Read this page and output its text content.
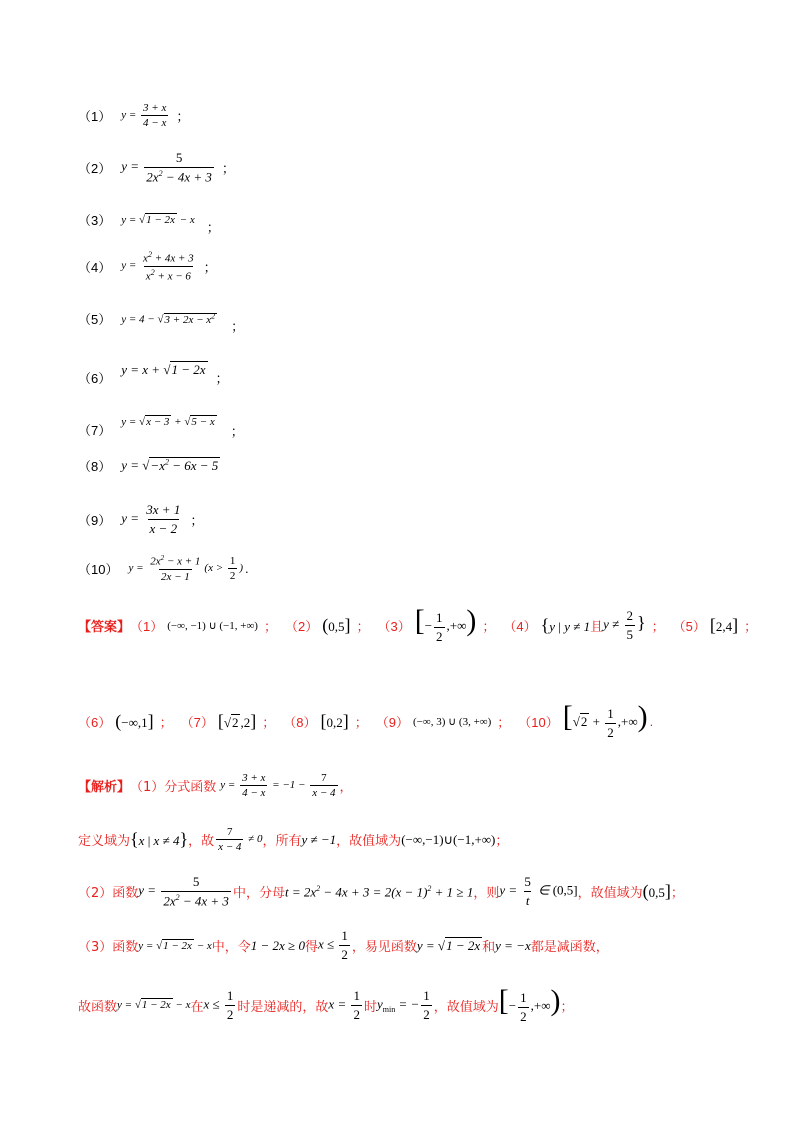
（1） $y = \frac{3 + x}{4 - x}$ ；
（2） $y = \frac{5}{2x^2 - 4x + 3}$ ；
（3） y = √1 − 2x − x
；
（4） $y = \frac{x^2 + 4x + 3}{x^2 + x - 6}$ ；
（5） $y = 4 - √3 + 2x - x^2$
；
（6）
y = x + √1 − 2x
；
（7）
y = √x − 3 + √5 − x
；
（8） $y = √-x^2 - 6x - 5$
（9） $y = \frac{3x + 1}{x - 2}$ ；
（10） $y = \frac{2x^2 - x + 1}{2x - 1} (x > \frac{1}{2}$ ) .
【答案】 （1） (−∞, −1) ∪ (−1, +∞) ； （2） (0,5] ； （3） [− $\frac{1}{2}$ ,+∞) ； （4） {y | y ≠ 1 且 $y \ne \frac{2}{5}$ } ； （5） [2,4] ；
（6） (−∞,1] ； （7） [√2 ,2] ； （8） [0,2] ； （9） (−∞, 3) ∪ (3, +∞) ； （10） [$√2 + \frac{1}{2}$ ,+∞) .
【解析】 （1）分式函数 $y = \frac{3 + x}{4 - x} = -1 - \frac{7}{x - 4}$ ，
定义域为 {x | x ≠ 4} ，故 $\frac{7}{x - 4} \ne 0$ ，所有 y ≠ −1 ，故值域为 (−∞,−1)∪(−1,+∞) ；
（2）函数 $y = \frac{5}{2x^2 - 4x + 3}$ 中，分母 $t = 2x^2 - 4x + 3 = 2(x - 1)^2 + 1 \ge 1$ ，则 $y = \frac{5}{t}$ ∈ (0,5] ，故值域为 (0,5] ；
（3）函数 y = √1 − 2x − x 中，令 1 − 2x ≥ 0 得 $x \le \frac{1}{2}$ ，易见函数 y = √1 − 2x 和 y = −x 都是减函数，
故函数 y = √1 − 2x − x 在 $x \le \frac{1}{2}$ 时是递减的，故 $x = \frac{1}{2}$ 时 $y_{min}$ = − $\frac{1}{2}$ ，故值域为 [− $\frac{1}{2}$ ,+∞) ；
